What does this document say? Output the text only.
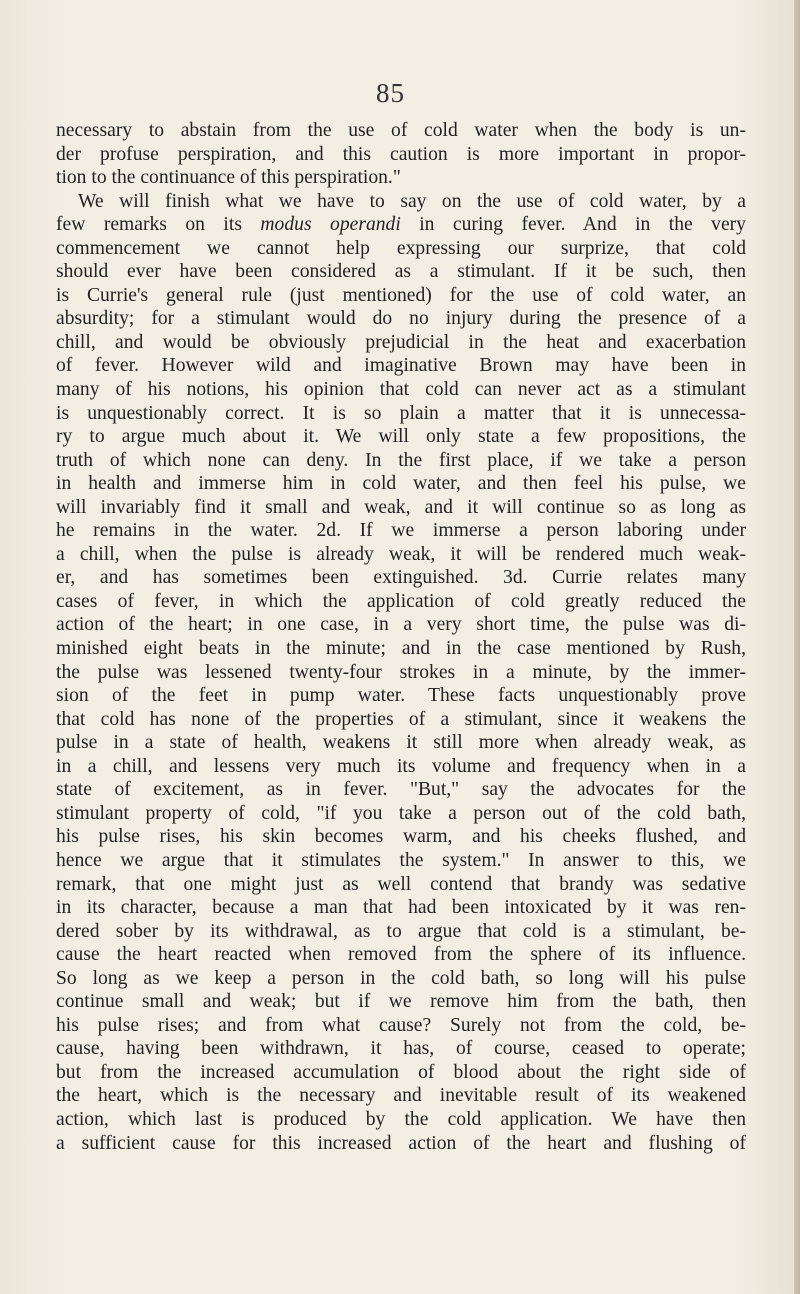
85
necessary to abstain from the use of cold water when the body is un-
der profuse perspiration, and this caution is more important in propor-
tion to the continuance of this perspiration."
We will finish what we have to say on the use of cold water, by a
few remarks on its modus operandi in curing fever. And in the very
commencement we cannot help expressing our surprize, that cold
should ever have been considered as a stimulant. If it be such, then
is Currie's general rule (just mentioned) for the use of cold water, an
absurdity; for a stimulant would do no injury during the presence of a
chill, and would be obviously prejudicial in the heat and exacerbation
of fever. However wild and imaginative Brown may have been in
many of his notions, his opinion that cold can never act as a stimulant
is unquestionably correct. It is so plain a matter that it is unnecessa-
ry to argue much about it. We will only state a few propositions, the
truth of which none can deny. In the first place, if we take a person
in health and immerse him in cold water, and then feel his pulse, we
will invariably find it small and weak, and it will continue so as long as
he remains in the water. 2d. If we immerse a person laboring under
a chill, when the pulse is already weak, it will be rendered much weak-
er, and has sometimes been extinguished. 3d. Currie relates many
cases of fever, in which the application of cold greatly reduced the
action of the heart; in one case, in a very short time, the pulse was di-
minished eight beats in the minute; and in the case mentioned by Rush,
the pulse was lessened twenty-four strokes in a minute, by the immer-
sion of the feet in pump water. These facts unquestionably prove
that cold has none of the properties of a stimulant, since it weakens the
pulse in a state of health, weakens it still more when already weak, as
in a chill, and lessens very much its volume and frequency when in a
state of excitement, as in fever. "But," say the advocates for the
stimulant property of cold, "if you take a person out of the cold bath,
his pulse rises, his skin becomes warm, and his cheeks flushed, and
hence we argue that it stimulates the system." In answer to this, we
remark, that one might just as well contend that brandy was sedative
in its character, because a man that had been intoxicated by it was ren-
dered sober by its withdrawal, as to argue that cold is a stimulant, be-
cause the heart reacted when removed from the sphere of its influence.
So long as we keep a person in the cold bath, so long will his pulse
continue small and weak; but if we remove him from the bath, then
his pulse rises; and from what cause? Surely not from the cold, be-
cause, having been withdrawn, it has, of course, ceased to operate;
but from the increased accumulation of blood about the right side of
the heart, which is the necessary and inevitable result of its weakened
action, which last is produced by the cold application. We have then
a sufficient cause for this increased action of the heart and flushing of
